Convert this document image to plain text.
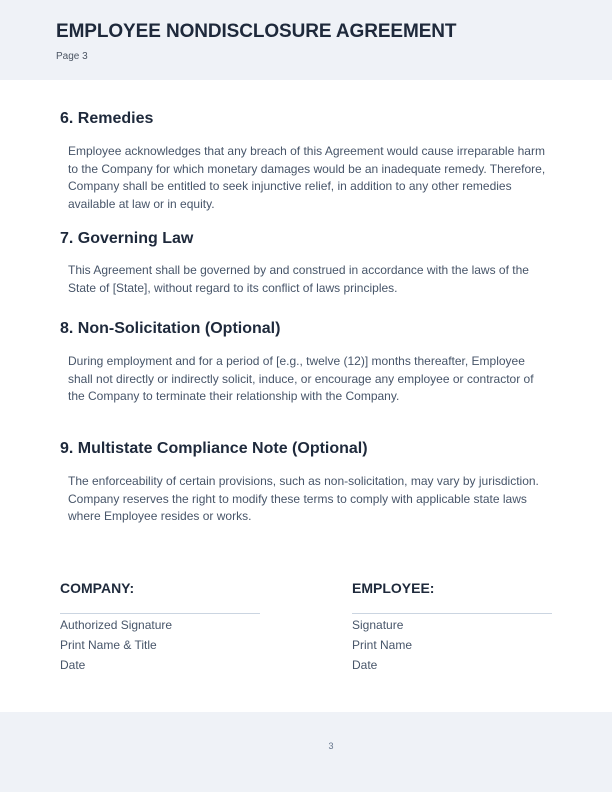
EMPLOYEE NONDISCLOSURE AGREEMENT
Page 3
6. Remedies
Employee acknowledges that any breach of this Agreement would cause irreparable harm to the Company for which monetary damages would be an inadequate remedy. Therefore, Company shall be entitled to seek injunctive relief, in addition to any other remedies available at law or in equity.
7. Governing Law
This Agreement shall be governed by and construed in accordance with the laws of the State of [State], without regard to its conflict of laws principles.
8. Non-Solicitation (Optional)
During employment and for a period of [e.g., twelve (12)] months thereafter, Employee shall not directly or indirectly solicit, induce, or encourage any employee or contractor of the Company to terminate their relationship with the Company.
9. Multistate Compliance Note (Optional)
The enforceability of certain provisions, such as non-solicitation, may vary by jurisdiction. Company reserves the right to modify these terms to comply with applicable state laws where Employee resides or works.
COMPANY:
Authorized Signature
Print Name & Title
Date
EMPLOYEE:
Signature
Print Name
Date
3
